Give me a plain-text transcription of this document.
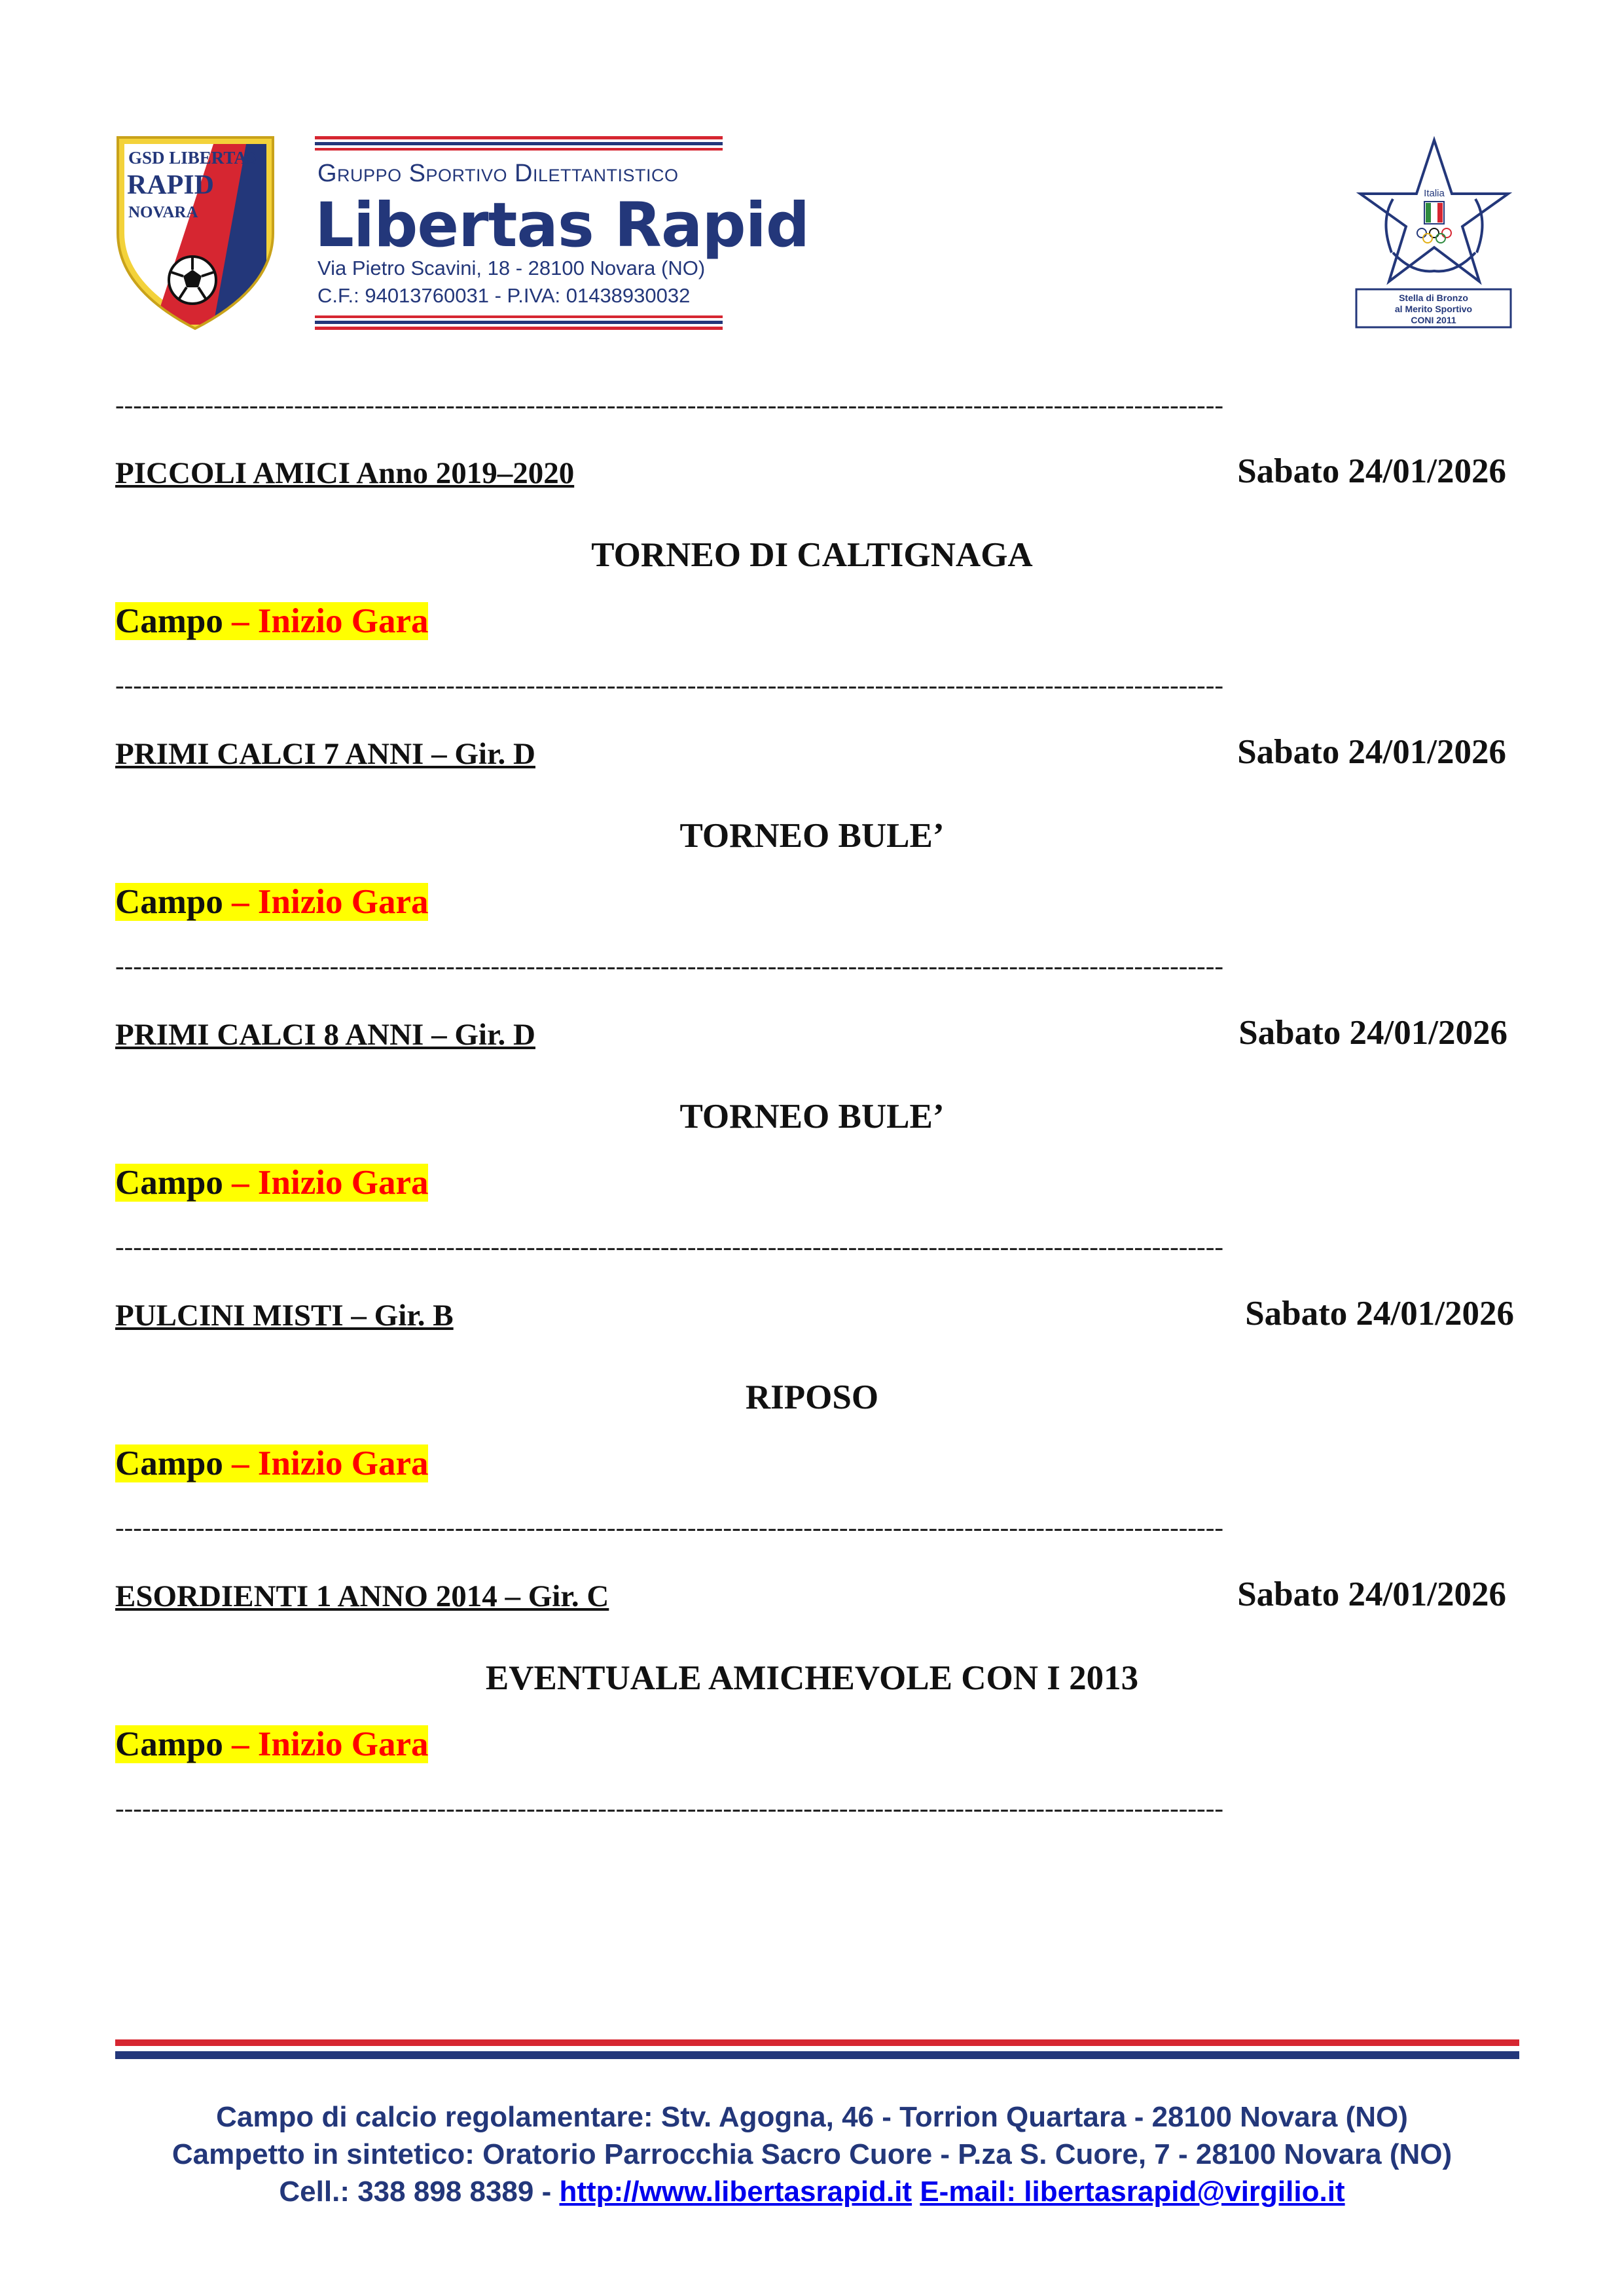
GSD LIBERTAS
RAPID
NOVARA
Gruppo Sportivo Dilettantistico
Libertas Rapid
Via Pietro Scavini, 18 - 28100 Novara (NO)
C.F.: 94013760031 - P.IVA: 01438930032
Italia
Stella di Bronzo
al Merito Sportivo
CONI 2011
----------------------------------------------------------------------------------------------------------------------------
----------------------------------------------------------------------------------------------------------------------------
----------------------------------------------------------------------------------------------------------------------------
----------------------------------------------------------------------------------------------------------------------------
----------------------------------------------------------------------------------------------------------------------------
----------------------------------------------------------------------------------------------------------------------------
PICCOLI AMICI Anno 2019–2020	Sabato 24/01/2026
TORNEO DI CALTIGNAGA
Campo – Inizio Gara
PRIMI CALCI 7 ANNI – Gir. D	Sabato 24/01/2026
TORNEO BULE’
Campo – Inizio Gara
PRIMI CALCI 8 ANNI – Gir. D	Sabato 24/01/2026
TORNEO BULE’
Campo – Inizio Gara
PULCINI MISTI – Gir. B	Sabato 24/01/2026
RIPOSO
Campo – Inizio Gara
ESORDIENTI 1 ANNO 2014 – Gir. C	Sabato 24/01/2026
EVENTUALE AMICHEVOLE CON I 2013
Campo – Inizio Gara
Campo di calcio regolamentare: Stv. Agogna, 46 - Torrion Quartara - 28100 Novara (NO)
Campetto in sintetico: Oratorio Parrocchia Sacro Cuore - P.za S. Cuore, 7 - 28100 Novara (NO)
Cell.: 338 898 8389 - http://www.libertasrapid.it E-mail: libertasrapid@virgilio.it
